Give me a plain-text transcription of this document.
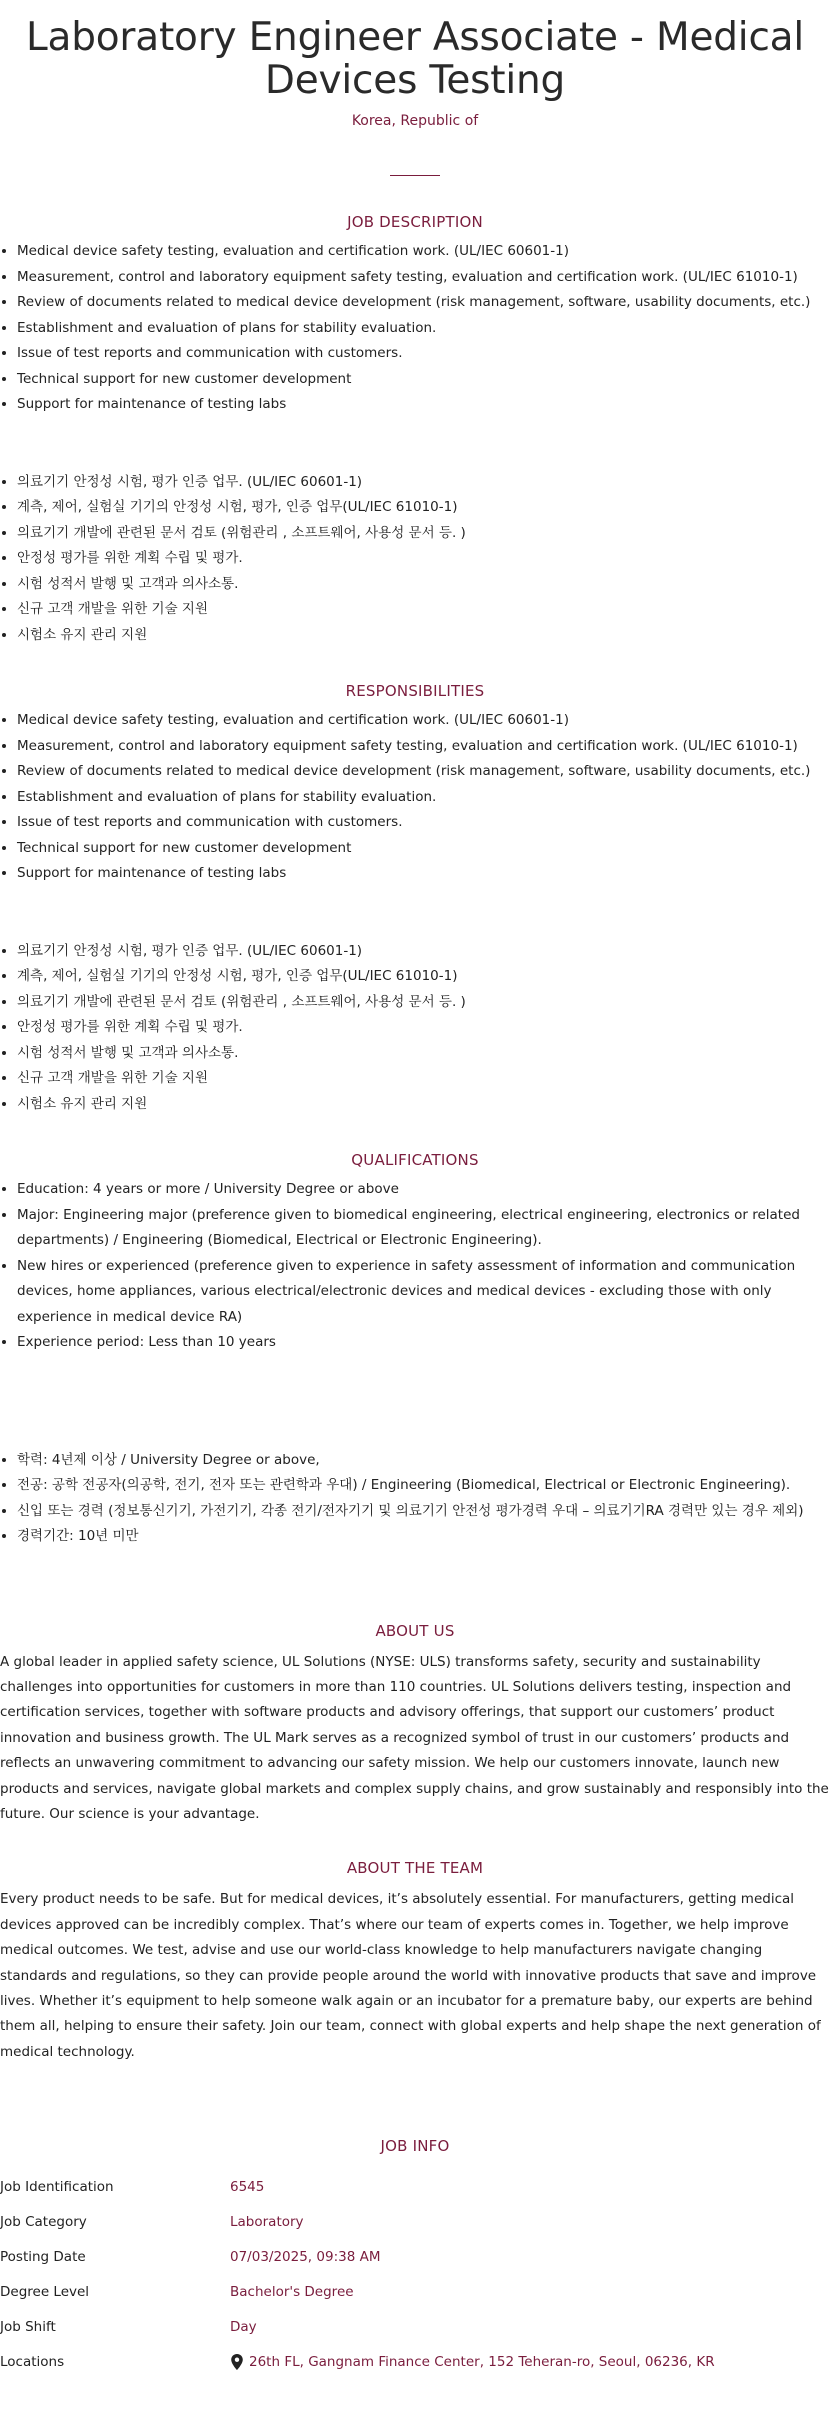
Laboratory Engineer Associate - Medical Devices Testing
Korea, Republic of
JOB DESCRIPTION
• Medical device safety testing, evaluation and certification work. (UL/IEC 60601-1)
• Measurement, control and laboratory equipment safety testing, evaluation and certification work. (UL/IEC 61010-1)
• Review of documents related to medical device development (risk management, software, usability documents, etc.)
• Establishment and evaluation of plans for stability evaluation.
• Issue of test reports and communication with customers.
• Technical support for new customer development
• Support for maintenance of testing labs
• 의료기기 안정성 시험, 평가 인증 업무. (UL/IEC 60601-1)
• 계측, 제어, 실험실 기기의 안정성 시험, 평가, 인증 업무(UL/IEC 61010-1)
• 의료기기 개발에 관련된 문서 검토 (위험관리 , 소프트웨어, 사용성 문서 등. )
• 안정성 평가를 위한 계획 수립 및 평가.
• 시험 성적서 발행 및 고객과 의사소통.
• 신규 고객 개발을 위한 기술 지원
• 시험소 유지 관리 지원
RESPONSIBILITIES
• Medical device safety testing, evaluation and certification work. (UL/IEC 60601-1)
• Measurement, control and laboratory equipment safety testing, evaluation and certification work. (UL/IEC 61010-1)
• Review of documents related to medical device development (risk management, software, usability documents, etc.)
• Establishment and evaluation of plans for stability evaluation.
• Issue of test reports and communication with customers.
• Technical support for new customer development
• Support for maintenance of testing labs
• 의료기기 안정성 시험, 평가 인증 업무. (UL/IEC 60601-1)
• 계측, 제어, 실험실 기기의 안정성 시험, 평가, 인증 업무(UL/IEC 61010-1)
• 의료기기 개발에 관련된 문서 검토 (위험관리 , 소프트웨어, 사용성 문서 등. )
• 안정성 평가를 위한 계획 수립 및 평가.
• 시험 성적서 발행 및 고객과 의사소통.
• 신규 고객 개발을 위한 기술 지원
• 시험소 유지 관리 지원
QUALIFICATIONS
• Education: 4 years or more / University Degree or above
• Major: Engineering major (preference given to biomedical engineering, electrical engineering, electronics or related departments) / Engineering (Biomedical, Electrical or Electronic Engineering).
• New hires or experienced (preference given to experience in safety assessment of information and communication devices, home appliances, various electrical/electronic devices and medical devices - excluding those with only experience in medical device RA)
• Experience period: Less than 10 years
• 학력: 4년제 이상 / University Degree or above,
• 전공: 공학 전공자(의공학, 전기, 전자 또는 관련학과 우대) / Engineering (Biomedical, Electrical or Electronic Engineering).
• 신입 또는 경력 (정보통신기기, 가전기기, 각종 전기/전자기기 및 의료기기 안전성 평가경력 우대 – 의료기기RA 경력만 있는 경우 제외)
• 경력기간: 10년 미만
ABOUT US

A global leader in applied safety science, UL Solutions (NYSE: ULS) transforms safety, security and sustainability challenges into opportunities for customers in more than 110 countries. UL Solutions delivers testing, inspection and certification services, together with software products and advisory offerings, that support our customers’ product innovation and business growth. The UL Mark serves as a recognized symbol of trust in our customers’ products and reflects an unwavering commitment to advancing our safety mission. We help our customers innovate, launch new products and services, navigate global markets and complex supply chains, and grow sustainably and responsibly into the future. Our science is your advantage.

ABOUT THE TEAM

Every product needs to be safe. But for medical devices, it’s absolutely essential. For manufacturers, getting medical devices approved can be incredibly complex. That’s where our team of experts comes in. Together, we help improve medical outcomes. We test, advise and use our world-class knowledge to help manufacturers navigate changing standards and regulations, so they can provide people around the world with innovative products that save and improve lives. Whether it’s equipment to help someone walk again or an incubator for a premature baby, our experts are behind them all, helping to ensure their safety. Join our team, connect with global experts and help shape the next generation of medical technology.

JOB INFO
Job Identification	6545
Job Category	Laboratory
Posting Date	07/03/2025, 09:38 AM
Degree Level	Bachelor's Degree
Job Shift	Day
Locations	26th FL, Gangnam Finance Center, 152 Teheran-ro, Seoul, 06236, KR
